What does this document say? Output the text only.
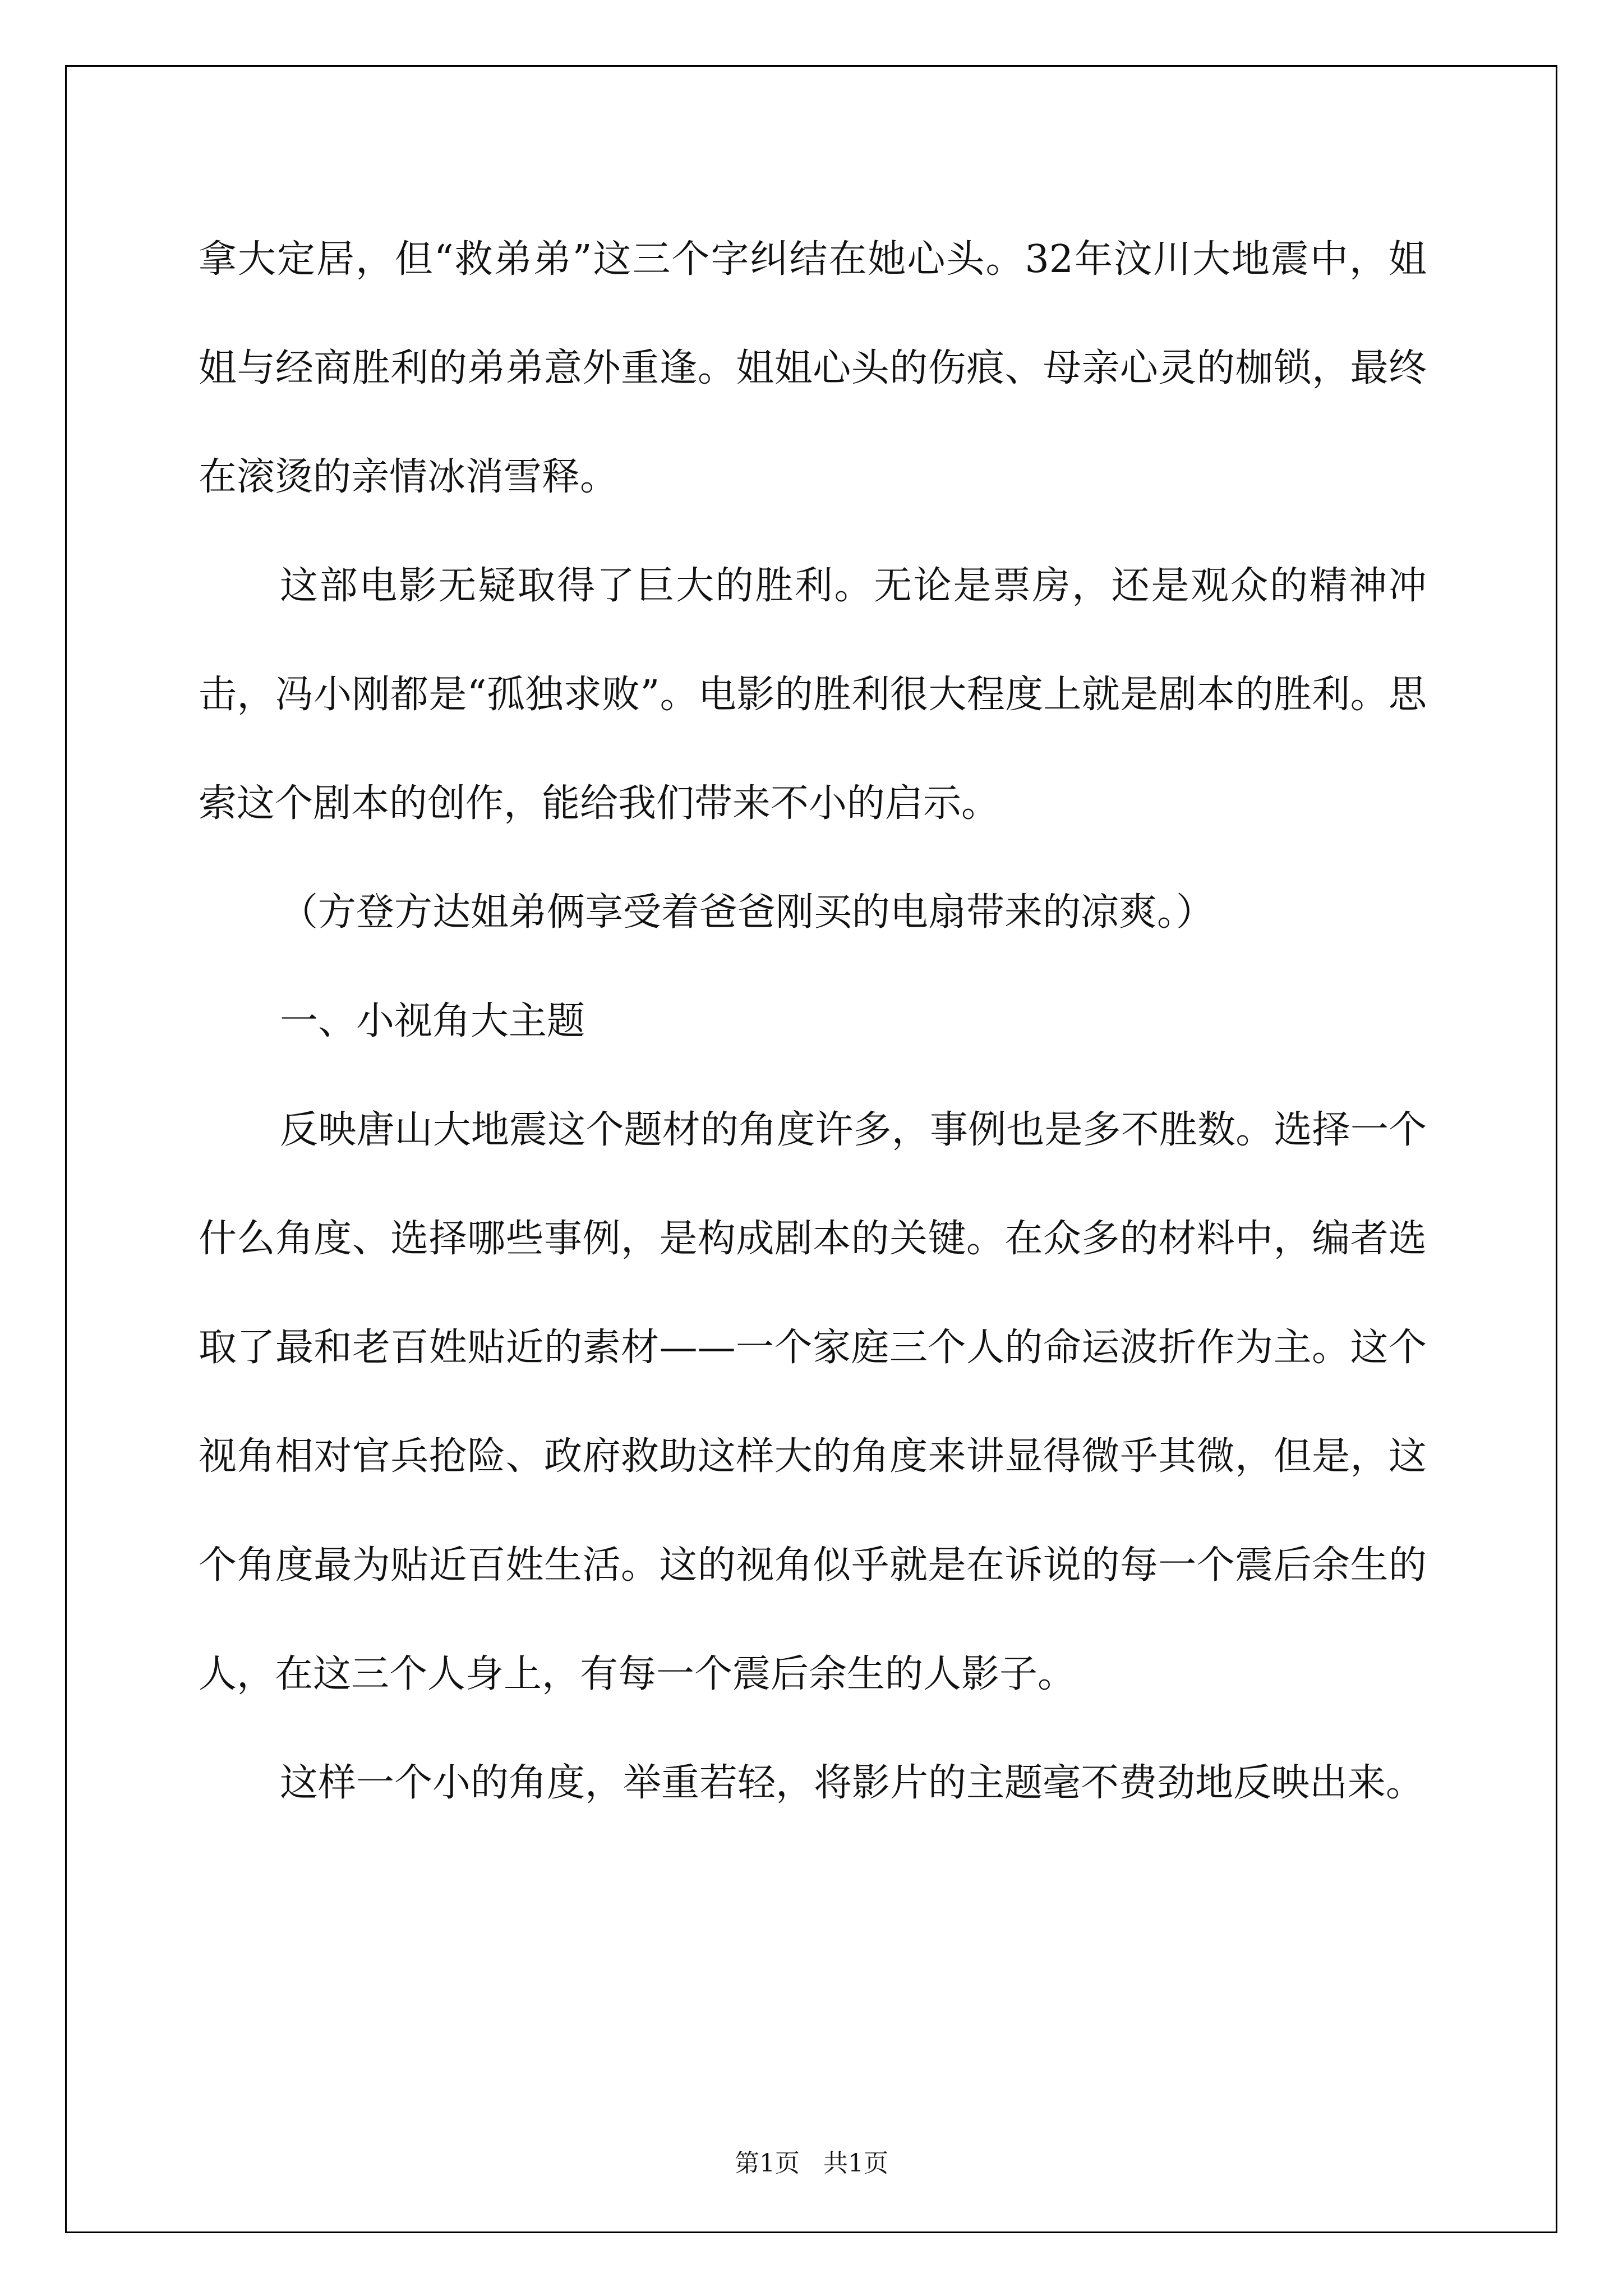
拿大定居，但“救弟弟”这三个字纠结在她心头。32年汶川大地震中，姐姐与经商胜利的弟弟意外重逢。姐姐心头的伤痕、母亲心灵的枷锁，最终在滚烫的亲情冰消雪释。

这部电影无疑取得了巨大的胜利。无论是票房，还是观众的精神冲击，冯小刚都是“孤独求败”。电影的胜利很大程度上就是剧本的胜利。思索这个剧本的创作，能给我们带来不小的启示。

（方登方达姐弟俩享受着爸爸刚买的电扇带来的凉爽。）

一、小视角大主题

反映唐山大地震这个题材的角度许多，事例也是多不胜数。选择一个什么角度、选择哪些事例，是构成剧本的关键。在众多的材料中，编者选取了最和老百姓贴近的素材——一个家庭三个人的命运波折作为主。这个视角相对官兵抢险、政府救助这样大的角度来讲显得微乎其微，但是，这个角度最为贴近百姓生活。这的视角似乎就是在诉说的每一个震后余生的人，在这三个人身上，有每一个震后余生的人影子。

这样一个小的角度，举重若轻，将影片的主题毫不费劲地反映出来。

第1页   共1页
